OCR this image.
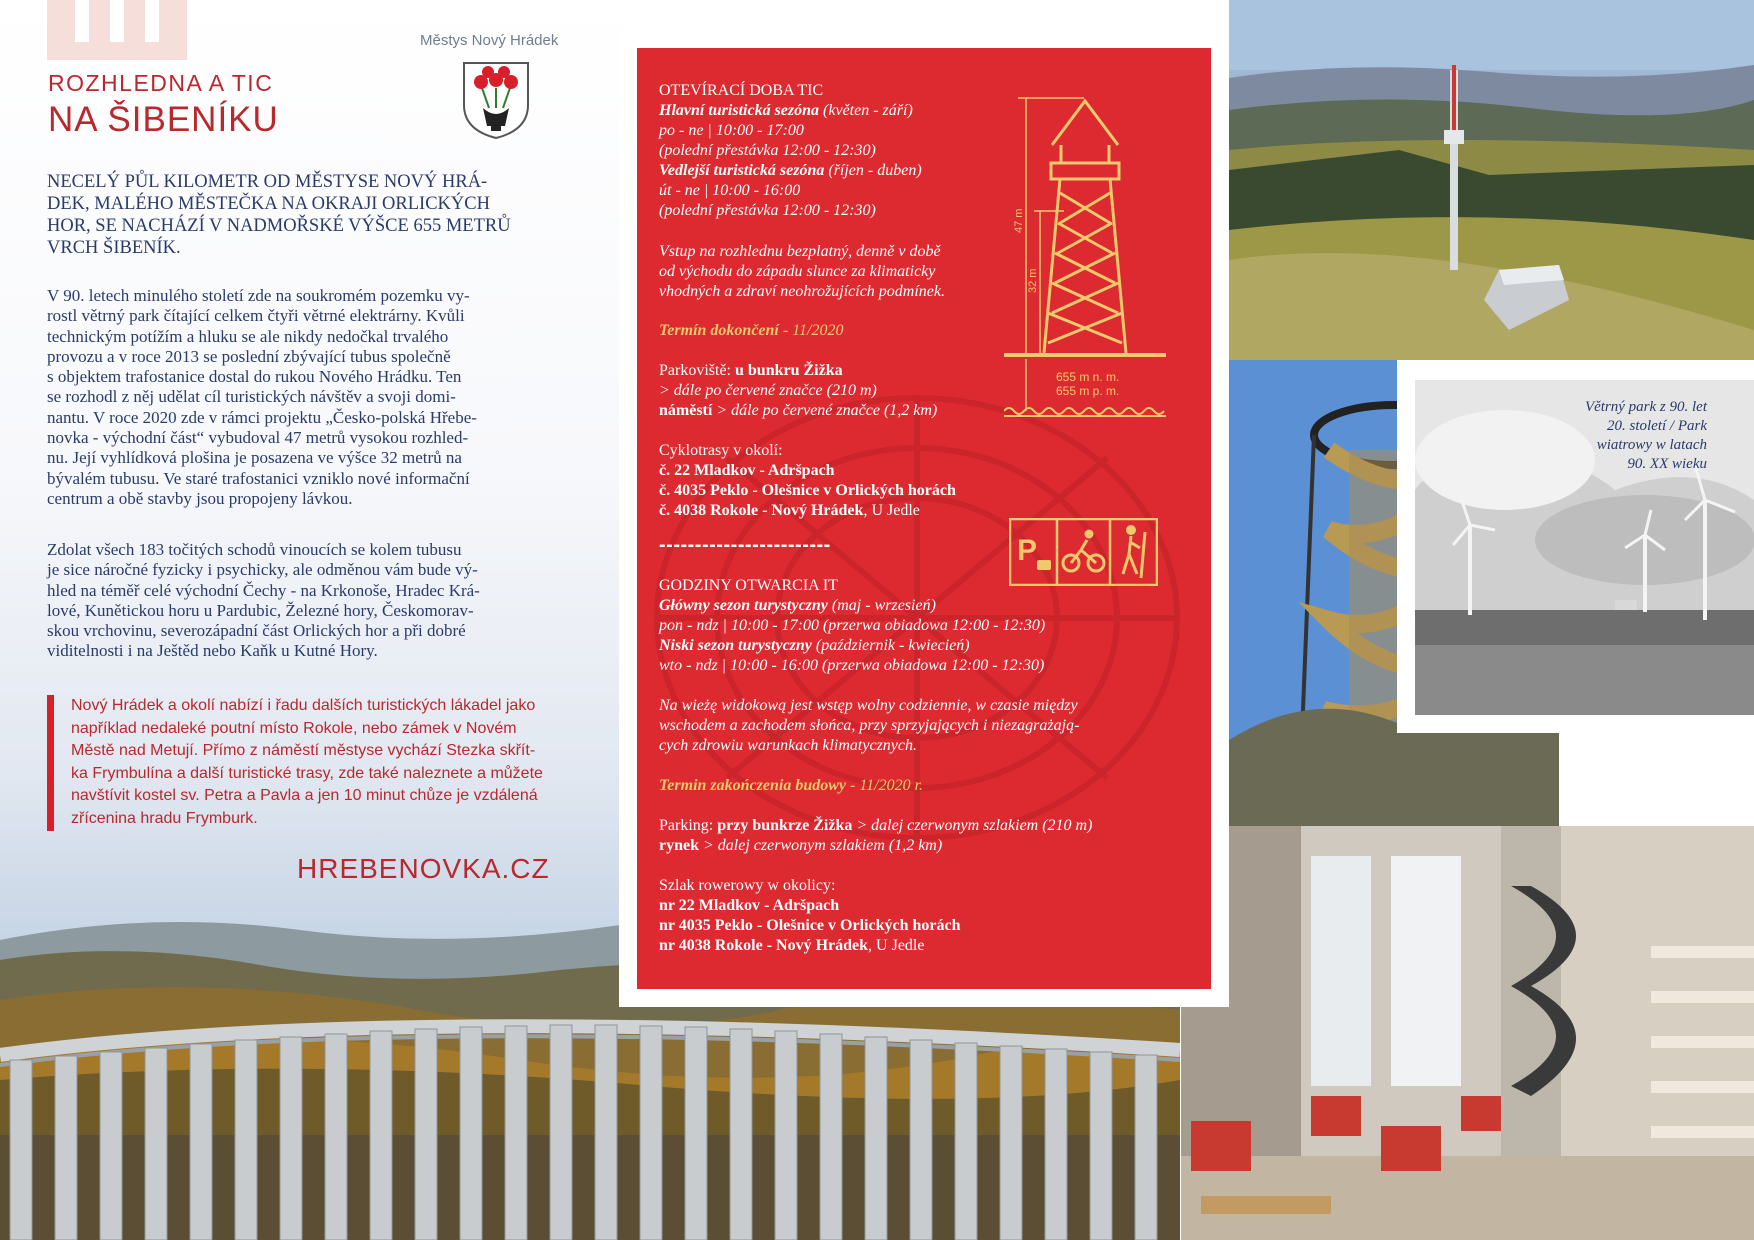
ROZHLEDNA A TIC
NA ŠIBENÍKU
Městys Nový Hrádek
NECELÝ PŮL KILOMETR OD MĚSTYSE NOVÝ HRÁ-
DEK, MALÉHO MĚSTEČKA NA OKRAJI ORLICKÝCH
HOR, SE NACHÁZÍ V NADMOŘSKÉ VÝŠCE 655 METRŮ
VRCH ŠIBENÍK.
V 90. letech minulého století zde na soukromém pozemku vy-
rostl větrný park čítající celkem čtyři větrné elektrárny. Kvůli
technickým potížím a hluku se ale nikdy nedočkal trvalého
provozu a v roce 2013 se poslední zbývající tubus společně
s objektem trafostanice dostal do rukou Nového Hrádku. Ten
se rozhodl z něj udělat cíl turistických návštěv a svoji domi-
nantu. V roce 2020 zde v rámci projektu „Česko-polská Hřebe-
novka - východní část“ vybudoval 47 metrů vysokou rozhled-
nu. Její vyhlídková plošina je posazena ve výšce 32 metrů na
bývalém tubusu. Ve staré trafostanici vzniklo nové informační
centrum a obě stavby jsou propojeny lávkou.
Zdolat všech 183 točitých schodů vinoucích se kolem tubusu
je sice náročné fyzicky i psychicky, ale odměnou vám bude vý-
hled na téměř celé východní Čechy - na Krkonoše, Hradec Krá-
lové, Kunětickou horu u Pardubic, Železné hory, Českomorav-
skou vrchovinu, severozápadní část Orlických hor a při dobré
viditelnosti i na Ještěd nebo Kaňk u Kutné Hory.
Nový Hrádek a okolí nabízí i řadu dalších turistických lákadel jako
například nedaleké poutní místo Rokole, nebo zámek v Novém
Městě nad Metují. Přímo z náměstí městyse vychází Stezka skřít-
ka Frymbulína a další turistické trasy, zde také naleznete a můžete
navštívit kostel sv. Petra a Pavla a jen 10 minut chůze je vzdálená
zřícenina hradu Frymburk.
HREBENOVKA.CZ
Větrný park z 90. let
20. století / Park
wiatrowy w latach
90. XX wieku
OTEVÍRACÍ DOBA TIC
Hlavní turistická sezóna (květen - září)
po - ne | 10:00 - 17:00
(polední přestávka 12:00 - 12:30)
Vedlejší turistická sezóna (říjen - duben)
út - ne | 10:00 - 16:00
(polední přestávka 12:00 - 12:30)
Vstup na rozhlednu bezplatný, denně v době
od východu do západu slunce za klimaticky
vhodných a zdraví neohrožujících podmínek.
Termín dokončení - 11/2020
Parkoviště: u bunkru Žižka
> dále po červené značce (210 m)
náměstí > dále po červené značce (1,2 km)
Cyklotrasy v okolí:
č. 22 Mladkov - Adršpach
č. 4035 Peklo - Olešnice v Orlických horách
č. 4038 Rokole - Nový Hrádek, U Jedle
------------------------
GODZINY OTWARCIA IT
Główny sezon turystyczny (maj - wrzesień)
pon - ndz | 10:00 - 17:00 (przerwa obiadowa 12:00 - 12:30)
Niski sezon turystyczny (październik - kwiecień)
wto - ndz | 10:00 - 16:00 (przerwa obiadowa 12:00 - 12:30)
Na wieżę widokową jest wstęp wolny codziennie, w czasie między
wschodem a zachodem słońca, przy sprzyjających i niezagrażają-
cych zdrowiu warunkach klimatycznych.
Termin zakończenia budowy - 11/2020 r.
Parking: przy bunkrze Žižka > dalej czerwonym szlakiem (210 m)
rynek > dalej czerwonym szlakiem (1,2 km)
Szlak rowerowy w okolicy:
nr 22 Mladkov - Adršpach
nr 4035 Peklo - Olešnice v Orlických horách
nr 4038 Rokole - Nový Hrádek, U Jedle
47 m
32 m
655 m n. m.
655 m p. m.
P
